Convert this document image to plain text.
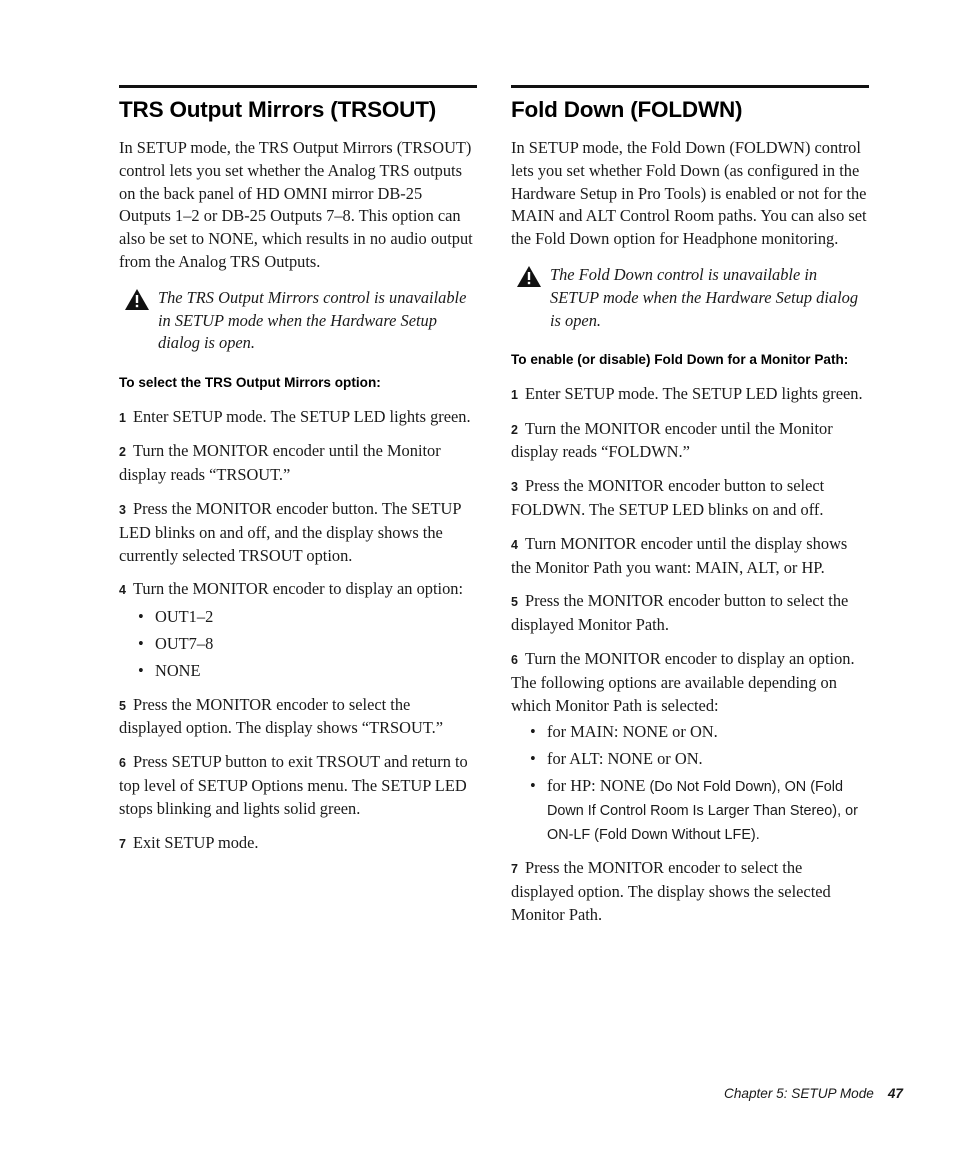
TRS Output Mirrors (TRSOUT)

In SETUP mode, the TRS Output Mirrors (TRSOUT) control lets you set whether the Analog TRS outputs on the back panel of HD OMNI mirror DB-25 Outputs 1–2 or DB-25 Outputs 7–8. This option can also be set to NONE, which results in no audio output from the Analog TRS Outputs.

The TRS Output Mirrors control is unavailable in SETUP mode when the Hardware Setup dialog is open.

To select the TRS Output Mirrors option:

1 Enter SETUP mode. The SETUP LED lights green.

2 Turn the MONITOR encoder until the Monitor display reads “TRSOUT.”

3 Press the MONITOR encoder button. The SETUP LED blinks on and off, and the display shows the currently selected TRSOUT option.

4 Turn the MONITOR encoder to display an option:

• OUT1–2
• OUT7–8
• NONE

5 Press the MONITOR encoder to select the displayed option. The display shows “TRSOUT.”

6 Press SETUP button to exit TRSOUT and return to top level of SETUP Options menu. The SETUP LED stops blinking and lights solid green.

7 Exit SETUP mode.

Fold Down (FOLDWN)

In SETUP mode, the Fold Down (FOLDWN) control lets you set whether Fold Down (as configured in the Hardware Setup in Pro Tools) is enabled or not for the MAIN and ALT Control Room paths. You can also set the Fold Down option for Headphone monitoring.

The Fold Down control is unavailable in SETUP mode when the Hardware Setup dialog is open.

To enable (or disable) Fold Down for a Monitor Path:

1 Enter SETUP mode. The SETUP LED lights green.

2 Turn the MONITOR encoder until the Monitor display reads “FOLDWN.”

3 Press the MONITOR encoder button to select FOLDWN. The SETUP LED blinks on and off.

4 Turn MONITOR encoder until the display shows the Monitor Path you want: MAIN, ALT, or HP.

5 Press the MONITOR encoder button to select the displayed Monitor Path.

6 Turn the MONITOR encoder to display an option. The following options are available depending on which Monitor Path is selected:

• for MAIN: NONE or ON.
• for ALT: NONE or ON.
• for HP: NONE (Do Not Fold Down), ON (Fold Down If Control Room Is Larger Than Stereo), or ON-LF (Fold Down Without LFE).

7 Press the MONITOR encoder to select the displayed option. The display shows the selected Monitor Path.

Chapter 5: SETUP Mode 47
